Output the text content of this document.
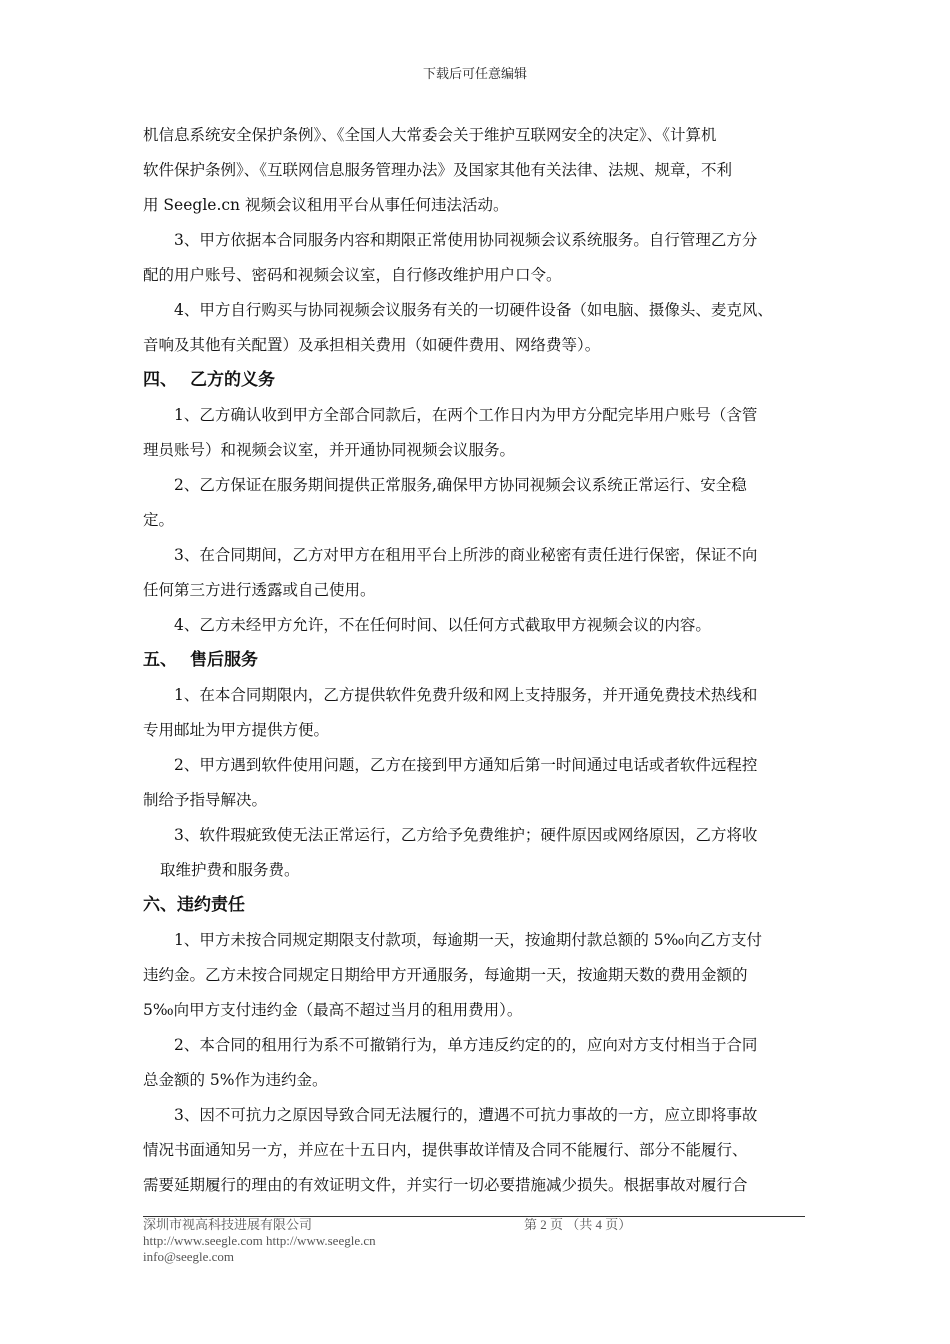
下载后可任意编辑
机信息系统安全保护条例》、《全国人大常委会关于维护互联网安全的决定》、《计算机
软件保护条例》、《互联网信息服务管理办法》及国家其他有关法律、法规、规章，不利
用 Seegle.cn 视频会议租用平台从事任何违法活动。
3、甲方依据本合同服务内容和期限正常使用协同视频会议系统服务。自行管理乙方分
配的用户账号、密码和视频会议室，自行修改维护用户口令。
4、甲方自行购买与协同视频会议服务有关的一切硬件设备（如电脑、摄像头、麦克风、
音响及其他有关配置）及承担相关费用（如硬件费用、网络费等）。
四、 乙方的义务
1、乙方确认收到甲方全部合同款后，在两个工作日内为甲方分配完毕用户账号（含管
理员账号）和视频会议室，并开通协同视频会议服务。
2、乙方保证在服务期间提供正常服务,确保甲方协同视频会议系统正常运行、安全稳
定。
3、在合同期间，乙方对甲方在租用平台上所涉的商业秘密有责任进行保密，保证不向
任何第三方进行透露或自己使用。
4、乙方未经甲方允许，不在任何时间、以任何方式截取甲方视频会议的内容。
五、 售后服务
1、在本合同期限内，乙方提供软件免费升级和网上支持服务，并开通免费技术热线和
专用邮址为甲方提供方便。
2、甲方遇到软件使用问题，乙方在接到甲方通知后第一时间通过电话或者软件远程控
制给予指导解决。
3、软件瑕疵致使无法正常运行，乙方给予免费维护；硬件原因或网络原因，乙方将收
取维护费和服务费。
六、违约责任
1、甲方未按合同规定期限支付款项，每逾期一天，按逾期付款总额的 5‰向乙方支付
违约金。乙方未按合同规定日期给甲方开通服务，每逾期一天，按逾期天数的费用金额的
5‰向甲方支付违约金（最高不超过当月的租用费用）。
2、本合同的租用行为系不可撤销行为，单方违反约定的的，应向对方支付相当于合同
总金额的 5%作为违约金。
3、因不可抗力之原因导致合同无法履行的，遭遇不可抗力事故的一方，应立即将事故
情况书面通知另一方，并应在十五日内，提供事故详情及合同不能履行、部分不能履行、
需要延期履行的理由的有效证明文件，并实行一切必要措施减少损失。根据事故对履行合
深圳市视高科技进展有限公司	第 2 页 （共 4 页）
http://www.seegle.com http://www.seegle.cn
info@seegle.com
